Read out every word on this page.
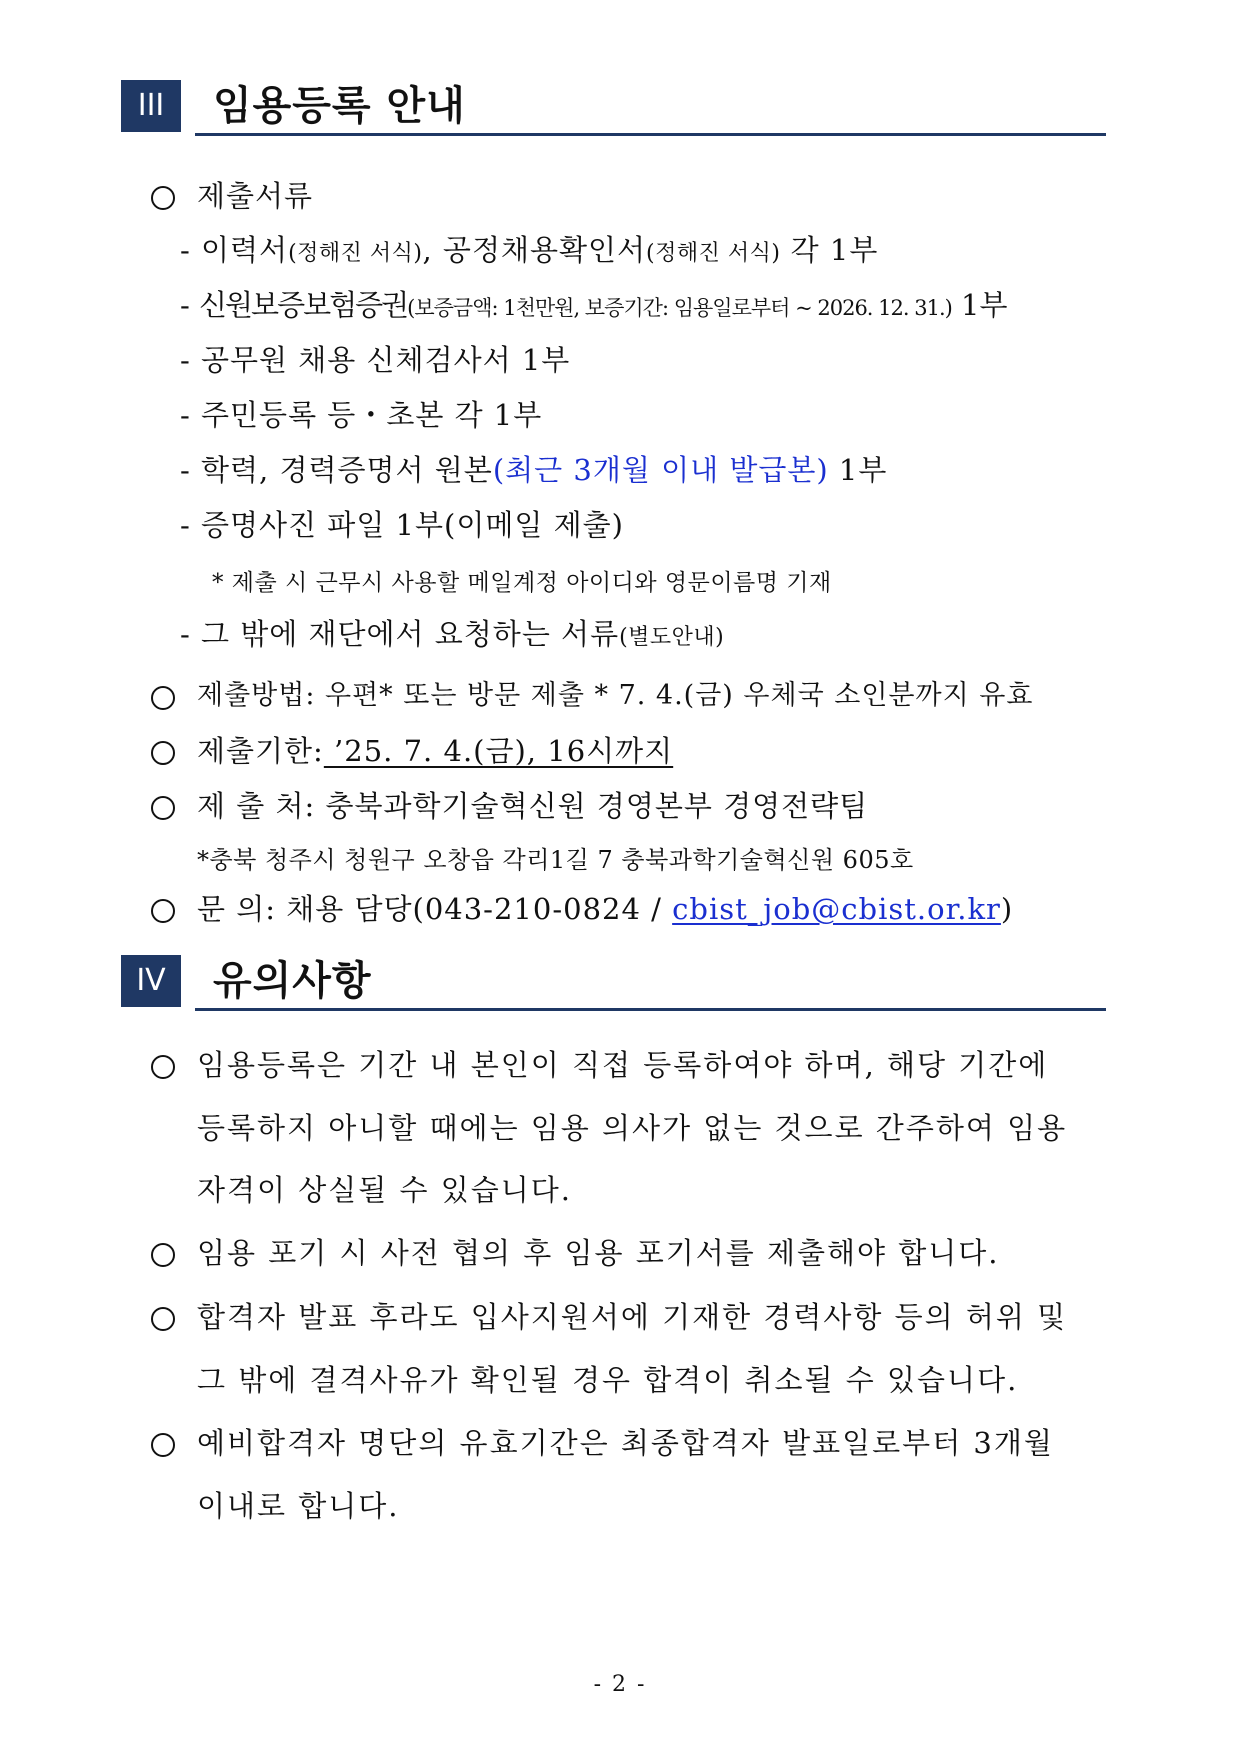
III	임용등록 안내
제출서류
- 이력서(정해진 서식), 공정채용확인서(정해진 서식) 각 1부
- 신원보증보험증권(보증금액: 1천만원, 보증기간: 임용일로부터 ~ 2026. 12. 31.) 1부
- 공무원 채용 신체검사서 1부
- 주민등록 등・초본 각 1부
- 학력, 경력증명서 원본(최근 3개월 이내 발급본) 1부
- 증명사진 파일 1부(이메일 제출)
* 제출 시 근무시 사용할 메일계정 아이디와 영문이름명 기재
- 그 밖에 재단에서 요청하는 서류(별도안내)
제출방법: 우편* 또는 방문 제출 * 7. 4.(금) 우체국 소인분까지 유효
제출기한: ’25. 7. 4.(금), 16시까지
제 출 처: 충북과학기술혁신원 경영본부 경영전략팀
*충북 청주시 청원구 오창읍 각리1길 7 충북과학기술혁신원 605호
문 의: 채용 담당(043-210-0824 / cbist_job@cbist.or.kr)
IV	유의사항
임용등록은 기간 내 본인이 직접 등록하여야 하며, 해당 기간에
등록하지 아니할 때에는 임용 의사가 없는 것으로 간주하여 임용
자격이 상실될 수 있습니다.
임용 포기 시 사전 협의 후 임용 포기서를 제출해야 합니다.
합격자 발표 후라도 입사지원서에 기재한 경력사항 등의 허위 및
그 밖에 결격사유가 확인될 경우 합격이 취소될 수 있습니다.
예비합격자 명단의 유효기간은 최종합격자 발표일로부터 3개월
이내로 합니다.
- 2 -
